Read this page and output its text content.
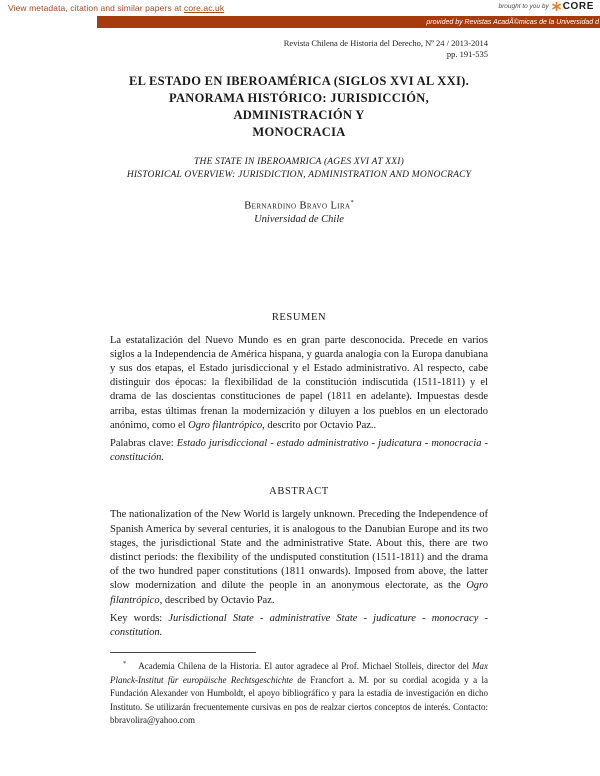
View metadata, citation and similar papers at core.ac.uk	brought to you by CORE
provided by Revistas AcadÃ©micas de la Universidad d
Revista Chilena de Historia del Derecho, Nº 24 / 2013-2014
pp. 191-535
EL ESTADO EN IBEROAMÉRICA (SIGLOS XVI AL XXI).
PANORAMA HISTÓRICO: JURISDICCIÓN, ADMINISTRACIÓN Y
MONOCRACIA
THE STATE IN IBEROAMRICA (AGES XVI AT XXI)
HISTORICAL OVERVIEW: JURISDICTION, ADMINISTRATION AND MONOCRACY
Bernardino Bravo Lira*
Universidad de Chile
RESUMEN

La estatalización del Nuevo Mundo es en gran parte desconocida. Precede en varios siglos a la Independencia de América hispana, y guarda analogía con la Europa danubiana y sus dos etapas, el Estado jurisdiccional y el Estado administrativo. Al respecto, cabe distinguir dos épocas: la flexibilidad de la constitución indiscutida (1511-1811) y el drama de las doscientas constituciones de papel (1811 en adelante). Impuestas desde arriba, estas últimas frenan la modernización y diluyen a los pueblos en un electorado anónimo, como el Ogro filantrópico, descrito por Octavio Paz..

Palabras clave: Estado jurisdiccional - estado administrativo - judicatura - monocracia - constitución.

ABSTRACT

The nationalization of the New World is largely unknown. Preceding the Independence of Spanish America by several centuries, it is analogous to the Danubian Europe and its two stages, the jurisdictional State and the administrative State. About this, there are two distinct periods: the flexibility of the undisputed constitution (1511-1811) and the drama of the two hundred paper constitutions (1811 onwards). Imposed from above, the latter slow modernization and dilute the people in an anonymous electorate, as the Ogro filantrópico, described by Octavio Paz.

Key words: Jurisdictional State - administrative State - judicature - monocracy - constitution.

* Academia Chilena de la Historia. El autor agradece al Prof. Michael Stolleis, director del Max Planck-Institut für europäische Rechtsgeschichte de Francfort a. M. por su cordial acogida y a la Fundación Alexander von Humboldt, el apoyo bibliográfico y para la estadía de investigación en dicho Instituto. Se utilizarán frecuentemente cursivas en pos de realzar ciertos conceptos de interés. Contacto: bbravolira@yahoo.com
